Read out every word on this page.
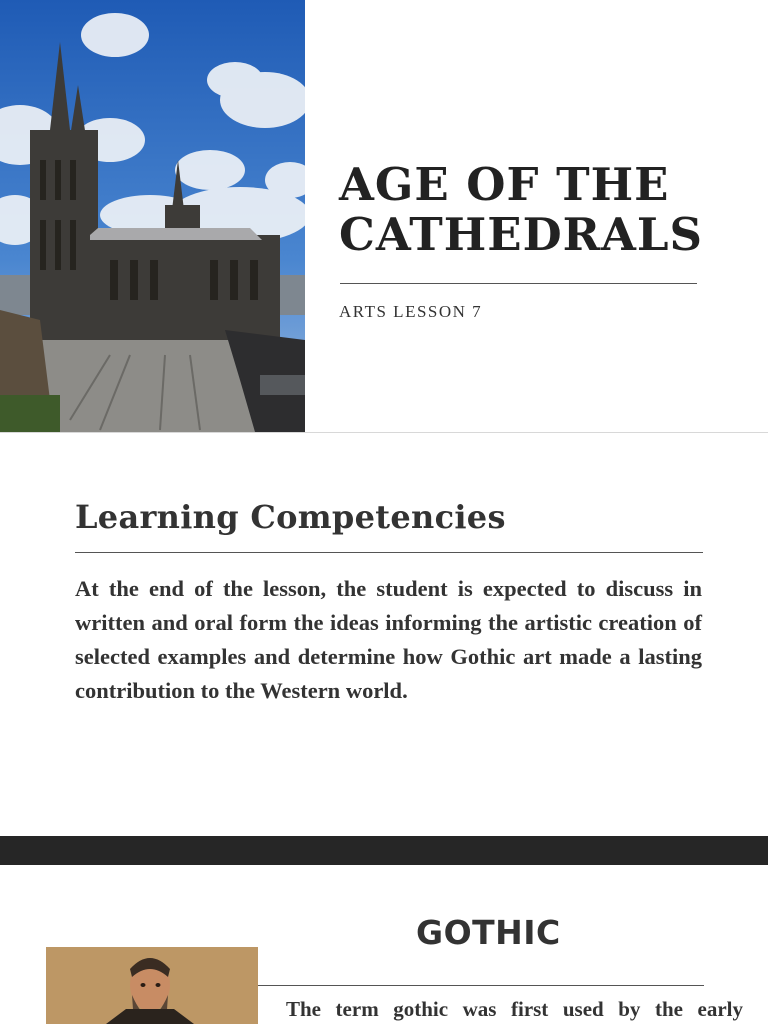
AGE OF THE
CATHEDRALS
ARTS LESSON 7
Learning Competencies

At the end of the lesson, the student is expected to discuss in written and oral form the ideas informing the artistic creation of selected examples and determine how Gothic art made a lasting contribution to the Western world.

GOTHIC

The term gothic was first used by the early
